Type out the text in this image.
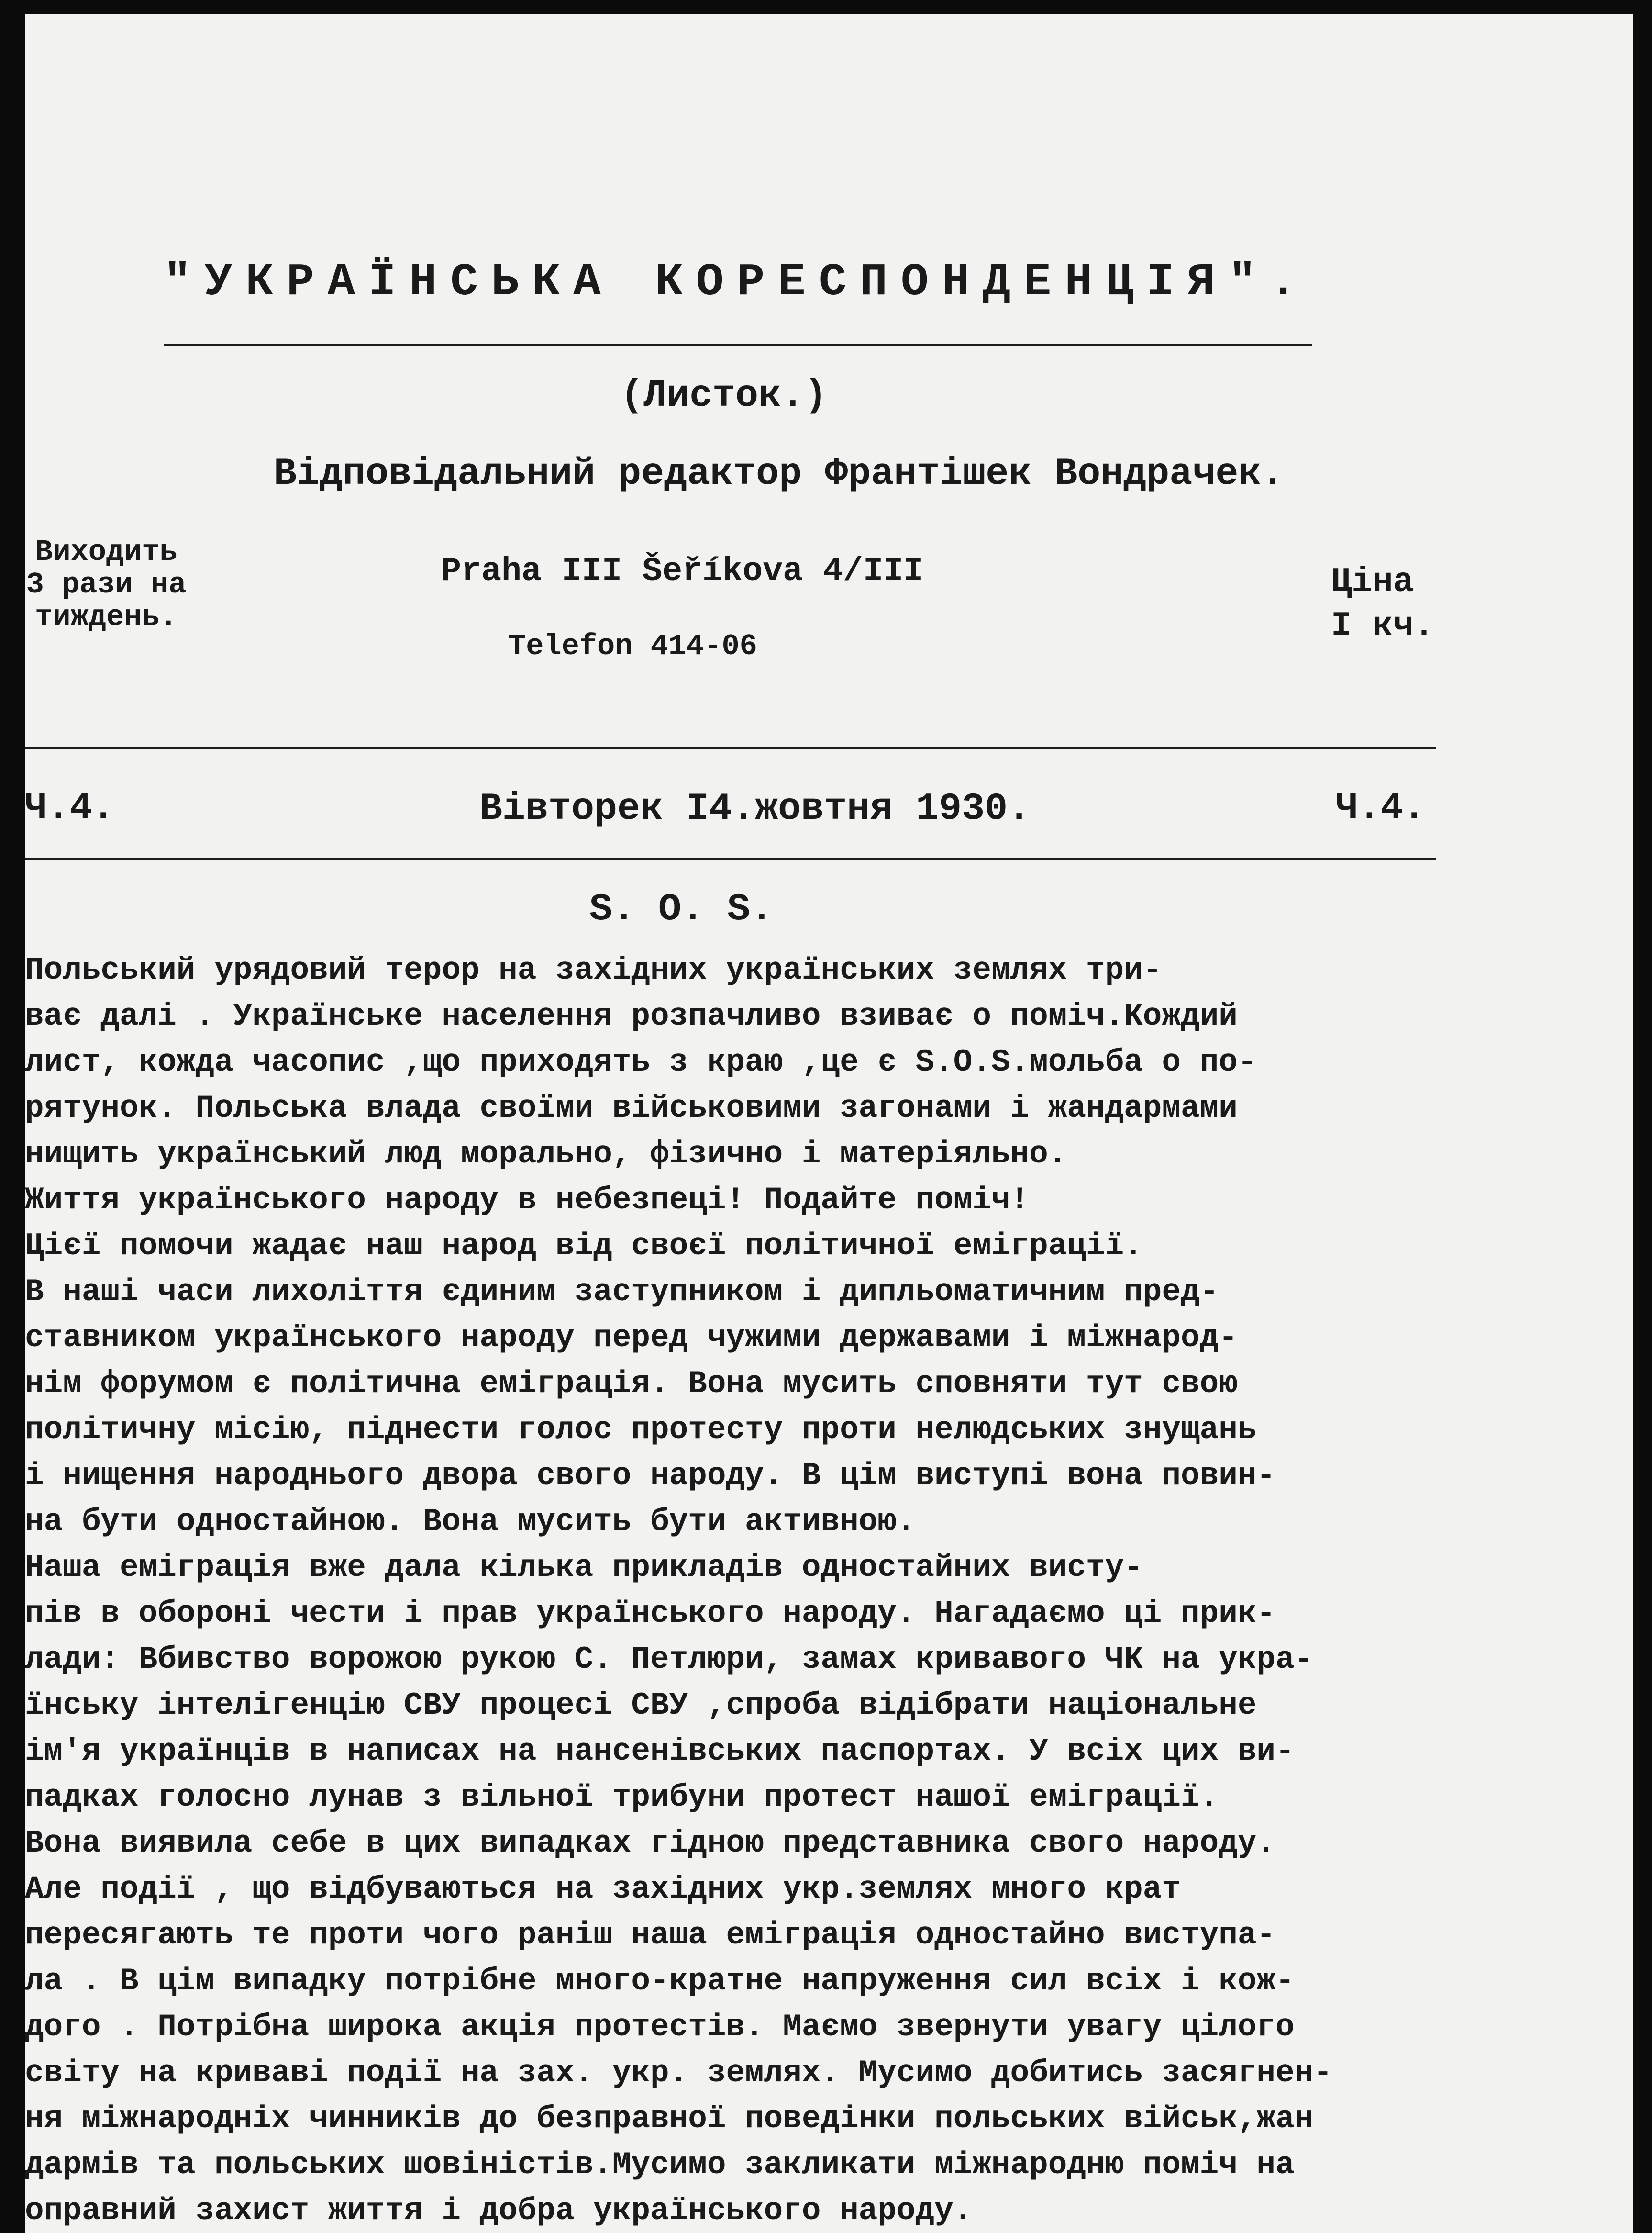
"УКРАЇНСЬКА КОРЕСПОНДЕНЦІЯ".
(Листок.)
Відповідальний редактор Франтішек Вондрачек.
Виходить 3 рази на тиждень.
Praha III Šeříkova 4/III
Telefon 414-06
Ціна
I кч.
Ч.4.	Вівторек I4.жовтня 1930.	Ч.4.
S. O. S.
Польський урядовий терор на західних українських землях три-
ває далі . Українське населення розпачливо взиває о поміч.Кождий
лист, кожда часопис ,що приходять з краю ,це є S.O.S.мольба о по-
рятунок. Польська влада своїми військовими загонами і жандармами
нищить український люд морально, фізично і матеріяльно.
Життя українського народу в небезпеці! Подайте поміч!
Цієї помочи жадає наш народ від своєї політичної еміграції.
В наші часи лихоліття єдиним заступником і дипльоматичним пред-
ставником українського народу перед чужими державами і міжнарод-
нім форумом є політична еміграція. Вона мусить сповняти тут свою
політичну місію, піднести голос протесту проти нелюдських знущань
і нищення народнього двора свого народу. В цім виступі вона повин-
на бути одностайною. Вона мусить бути активною.
Наша еміграція вже дала кілька прикладів одностайних висту-
пів в обороні чести і прав українського народу. Нагадаємо ці прик-
лади: Вбивство ворожою рукою С. Петлюри, замах кривавого ЧК на укра-
їнську інтелігенцію СВУ процесі СВУ ,спроба відібрати національне
ім'я українців в написах на нансенівських паспортах. У всіх цих ви-
падках голосно лунав з вільної трибуни протест нашої еміграції.
Вона виявила себе в цих випадках гідною представника свого народу.
Але події , що відбуваються на західних укр.землях много крат
пересягають те проти чого раніш наша еміграція одностайно виступа-
ла . В цім випадку потрібне много-кратне напруження сил всіх і кож-
дого . Потрібна широка акція протестів. Маємо звернути увагу цілого
світу на криваві події на зах. укр. землях. Мусимо добитись засягнен-
ня міжнародніх чинників до безправної поведінки польських військ,жан
дармів та польських шовіністів.Мусимо закликати міжнародню поміч на
оправний захист життя і добра українського народу.
